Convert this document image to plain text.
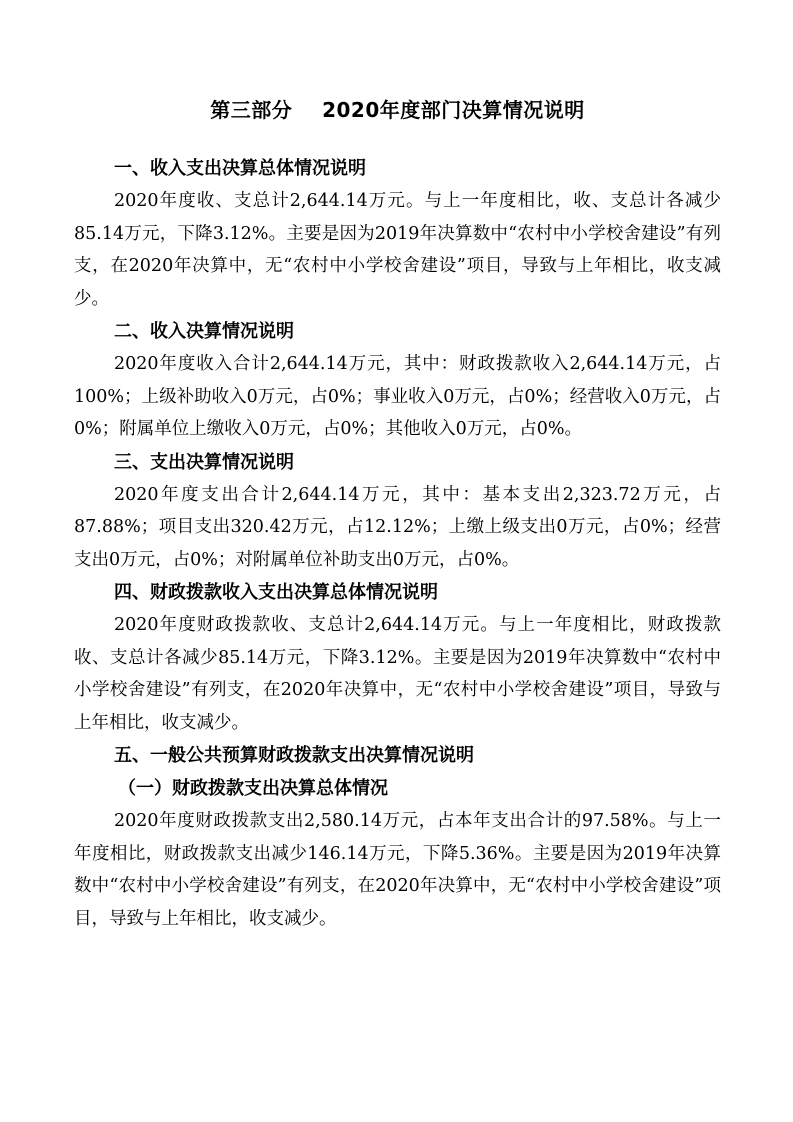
第三部分    2020年度部门决算情况说明
一、收入支出决算总体情况说明

2020年度收、支总计2,644.14万元。与上一年度相比，收、支总计各减少85.14万元，下降3.12%。主要是因为2019年决算数中“农村中小学校舍建设”有列支，在2020年决算中，无“农村中小学校舍建设”项目，导致与上年相比，收支减少。

二、收入决算情况说明

2020年度收入合计2,644.14万元，其中：财政拨款收入2,644.14万元，占100%；上级补助收入0万元，占0%；事业收入0万元，占0%；经营收入0万元，占0%；附属单位上缴收入0万元，占0%；其他收入0万元，占0%。

三、支出决算情况说明

2020年度支出合计2,644.14万元，其中：基本支出2,323.72万元，占87.88%；项目支出320.42万元，占12.12%；上缴上级支出0万元，占0%；经营支出0万元，占0%；对附属单位补助支出0万元，占0%。

四、财政拨款收入支出决算总体情况说明

2020年度财政拨款收、支总计2,644.14万元。与上一年度相比，财政拨款收、支总计各减少85.14万元，下降3.12%。主要是因为2019年决算数中“农村中小学校舍建设”有列支，在2020年决算中，无“农村中小学校舍建设”项目，导致与上年相比，收支减少。

五、一般公共预算财政拨款支出决算情况说明
（一）财政拨款支出决算总体情况

2020年度财政拨款支出2,580.14万元，占本年支出合计的97.58%。与上一年度相比，财政拨款支出减少146.14万元，下降5.36%。主要是因为2019年决算数中“农村中小学校舍建设”有列支，在2020年决算中，无“农村中小学校舍建设”项目，导致与上年相比，收支减少。
